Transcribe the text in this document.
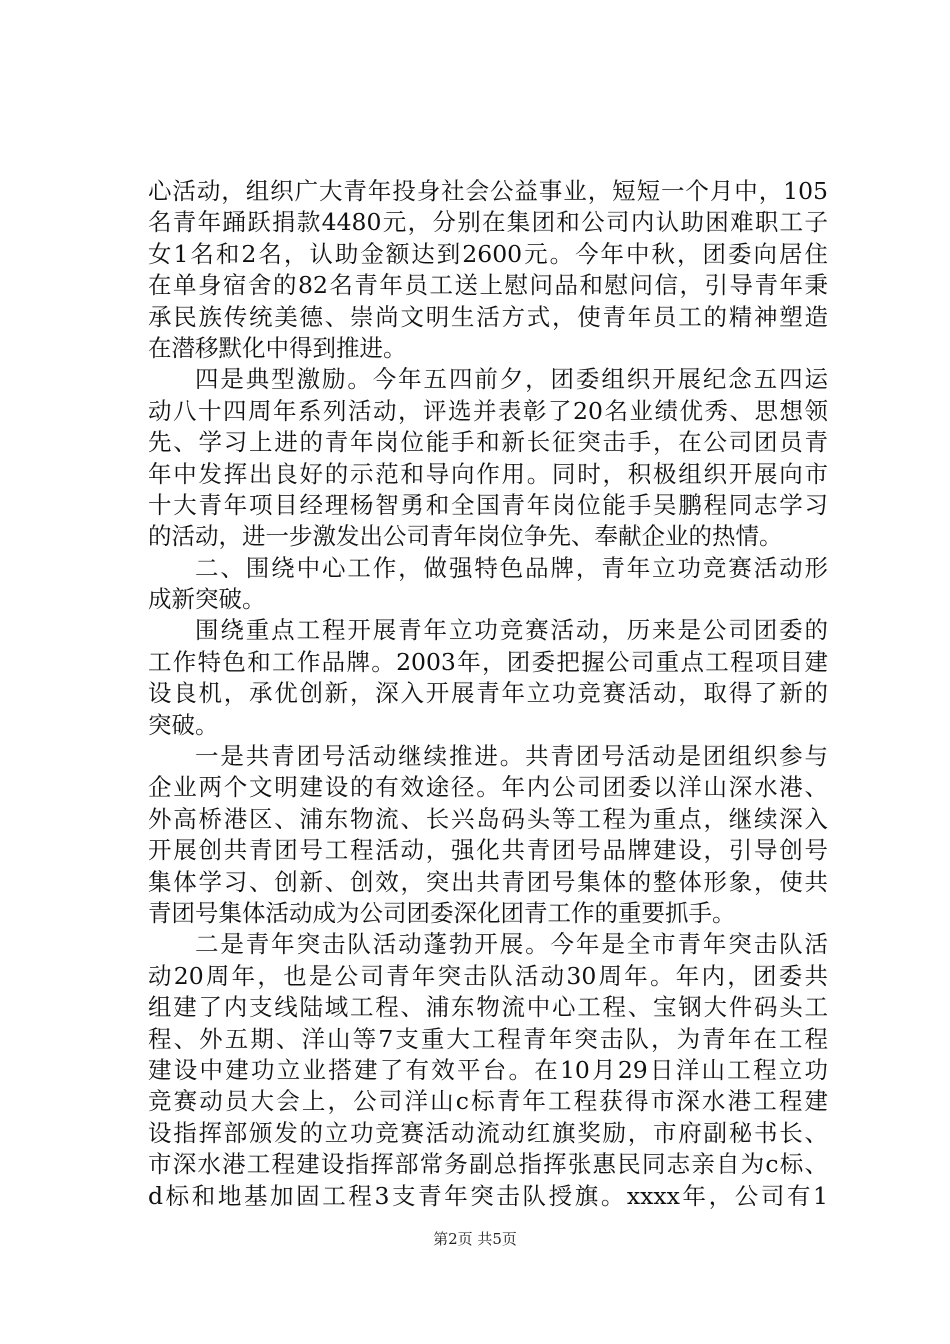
心活动，组织广大青年投身社会公益事业，短短一个月中，105
名青年踊跃捐款4480元，分别在集团和公司内认助困难职工子
女1名和2名，认助金额达到2600元。今年中秋，团委向居住
在单身宿舍的82名青年员工送上慰问品和慰问信，引导青年秉
承民族传统美德、崇尚文明生活方式，使青年员工的精神塑造
在潜移默化中得到推进。
四是典型激励。今年五四前夕，团委组织开展纪念五四运
动八十四周年系列活动，评选并表彰了20名业绩优秀、思想领
先、学习上进的青年岗位能手和新长征突击手，在公司团员青
年中发挥出良好的示范和导向作用。同时，积极组织开展向市
十大青年项目经理杨智勇和全国青年岗位能手吴鹏程同志学习
的活动，进一步激发出公司青年岗位争先、奉献企业的热情。
二、围绕中心工作，做强特色品牌，青年立功竞赛活动形
成新突破。
围绕重点工程开展青年立功竞赛活动，历来是公司团委的
工作特色和工作品牌。2003年，团委把握公司重点工程项目建
设良机，承优创新，深入开展青年立功竞赛活动，取得了新的
突破。
一是共青团号活动继续推进。共青团号活动是团组织参与
企业两个文明建设的有效途径。年内公司团委以洋山深水港、
外高桥港区、浦东物流、长兴岛码头等工程为重点，继续深入
开展创共青团号工程活动，强化共青团号品牌建设，引导创号
集体学习、创新、创效，突出共青团号集体的整体形象，使共
青团号集体活动成为公司团委深化团青工作的重要抓手。
二是青年突击队活动蓬勃开展。今年是全市青年突击队活
动20周年，也是公司青年突击队活动30周年。年内，团委共
组建了内支线陆域工程、浦东物流中心工程、宝钢大件码头工
程、外五期、洋山等7支重大工程青年突击队，为青年在工程
建设中建功立业搭建了有效平台。在10月29日洋山工程立功
竞赛动员大会上，公司洋山c标青年工程获得市深水港工程建
设指挥部颁发的立功竞赛活动流动红旗奖励，市府副秘书长、
市深水港工程建设指挥部常务副总指挥张惠民同志亲自为c标、
d标和地基加固工程3支青年突击队授旗。xxxx年，公司有1
第2页 共5页
